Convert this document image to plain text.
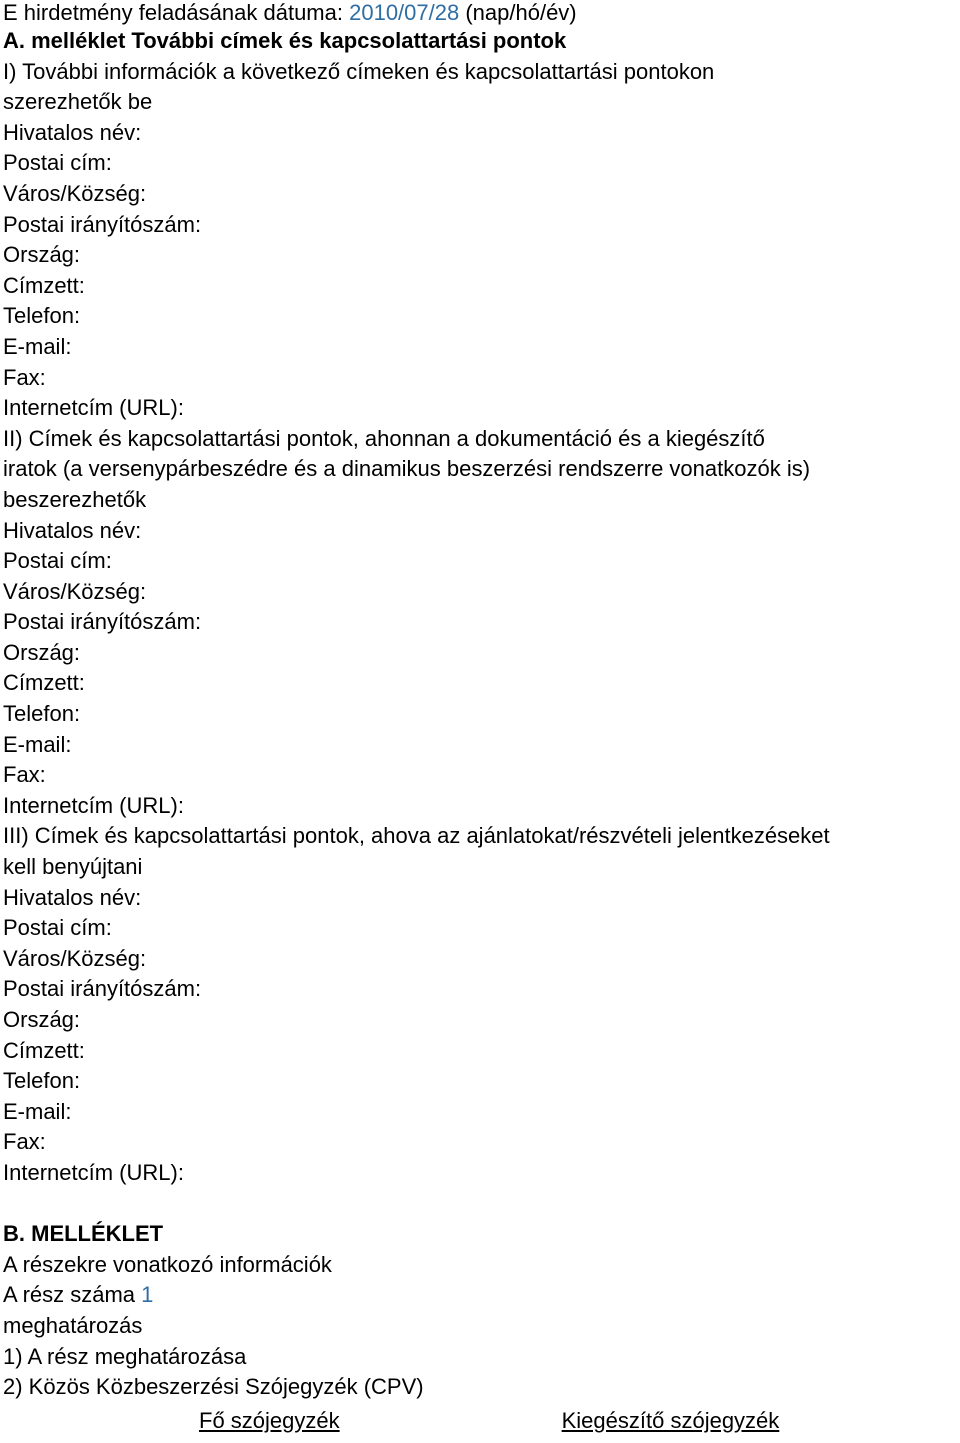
E hirdetmény feladásának dátuma: 2010/07/28 (nap/hó/év)
A. melléklet További címek és kapcsolattartási pontok
I) További információk a következő címeken és kapcsolattartási pontokon
szerezhetők be
Hivatalos név:
Postai cím:
Város/Község:
Postai irányítószám:
Ország:
Címzett:
Telefon:
E-mail:
Fax:
Internetcím (URL):
II) Címek és kapcsolattartási pontok, ahonnan a dokumentáció és a kiegészítő
iratok (a versenypárbeszédre és a dinamikus beszerzési rendszerre vonatkozók is)
beszerezhetők
Hivatalos név:
Postai cím:
Város/Község:
Postai irányítószám:
Ország:
Címzett:
Telefon:
E-mail:
Fax:
Internetcím (URL):
III) Címek és kapcsolattartási pontok, ahova az ajánlatokat/részvételi jelentkezéseket
kell benyújtani
Hivatalos név:
Postai cím:
Város/Község:
Postai irányítószám:
Ország:
Címzett:
Telefon:
E-mail:
Fax:
Internetcím (URL):
B. MELLÉKLET
A részekre vonatkozó információk
A rész száma 1
meghatározás
1) A rész meghatározása
2) Közös Közbeszerzési Szójegyzék (CPV)
Fő szójegyzék	Kiegészítő szójegyzék
